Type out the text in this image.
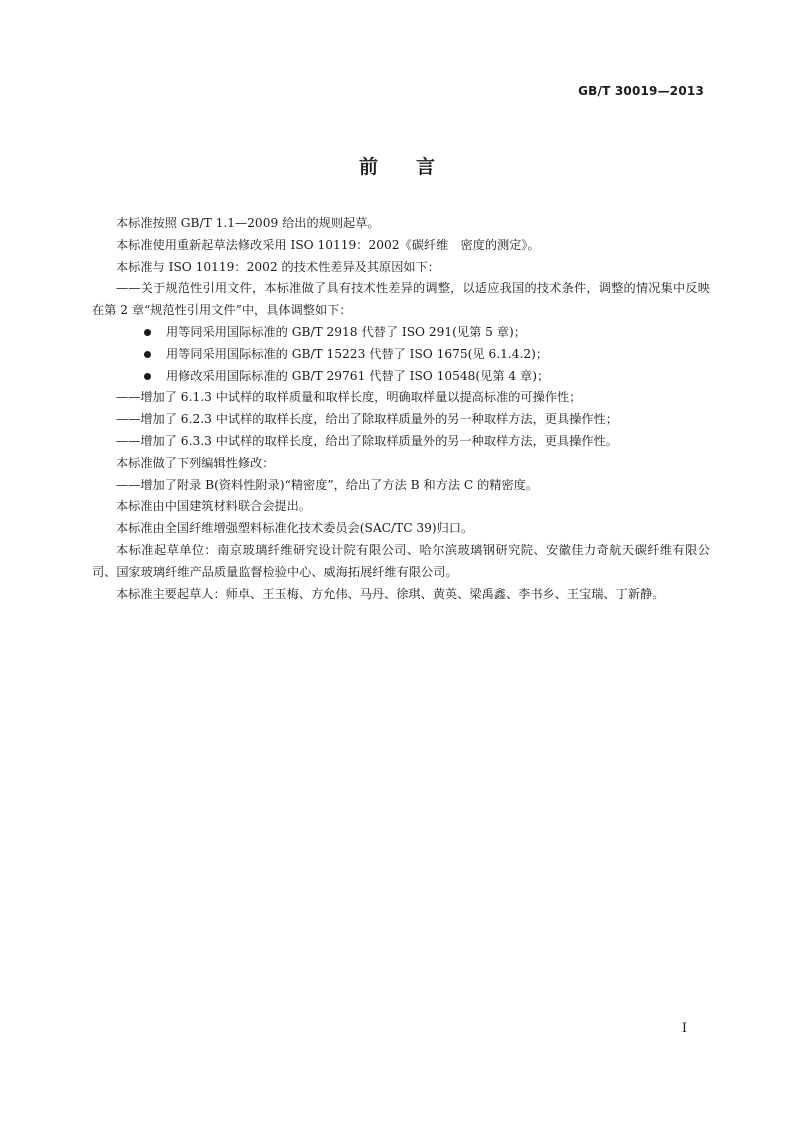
GB/T 30019—2013
前言

本标准按照 GB/T 1.1—2009 给出的规则起草。

本标准使用重新起草法修改采用 ISO 10119：2002《碳纤维　密度的测定》。

本标准与 ISO 10119：2002 的技术性差异及其原因如下：

——关于规范性引用文件，本标准做了具有技术性差异的调整，以适应我国的技术条件，调整的情况集中反映在第 2 章“规范性引用文件”中，具体调整如下：

用等同采用国际标准的 GB/T 2918 代替了 ISO 291(见第 5 章)；

用等同采用国际标准的 GB/T 15223 代替了 ISO 1675(见 6.1.4.2)；

用修改采用国际标准的 GB/T 29761 代替了 ISO 10548(见第 4 章)；

——增加了 6.1.3 中试样的取样质量和取样长度，明确取样量以提高标准的可操作性；

——增加了 6.2.3 中试样的取样长度，给出了除取样质量外的另一种取样方法，更具操作性；

——增加了 6.3.3 中试样的取样长度，给出了除取样质量外的另一种取样方法，更具操作性。

本标准做了下列编辑性修改：

——增加了附录 B(资料性附录)“精密度”，给出了方法 B 和方法 C 的精密度。

本标准由中国建筑材料联合会提出。

本标准由全国纤维增强塑料标准化技术委员会(SAC/TC 39)归口。

本标准起草单位：南京玻璃纤维研究设计院有限公司、哈尔滨玻璃钢研究院、安徽佳力奇航天碳纤维有限公司、国家玻璃纤维产品质量监督检验中心、威海拓展纤维有限公司。

本标准主要起草人：师卓、王玉梅、方允伟、马丹、徐琪、黄英、梁禹鑫、李书乡、王宝瑞、丁新静。

I
